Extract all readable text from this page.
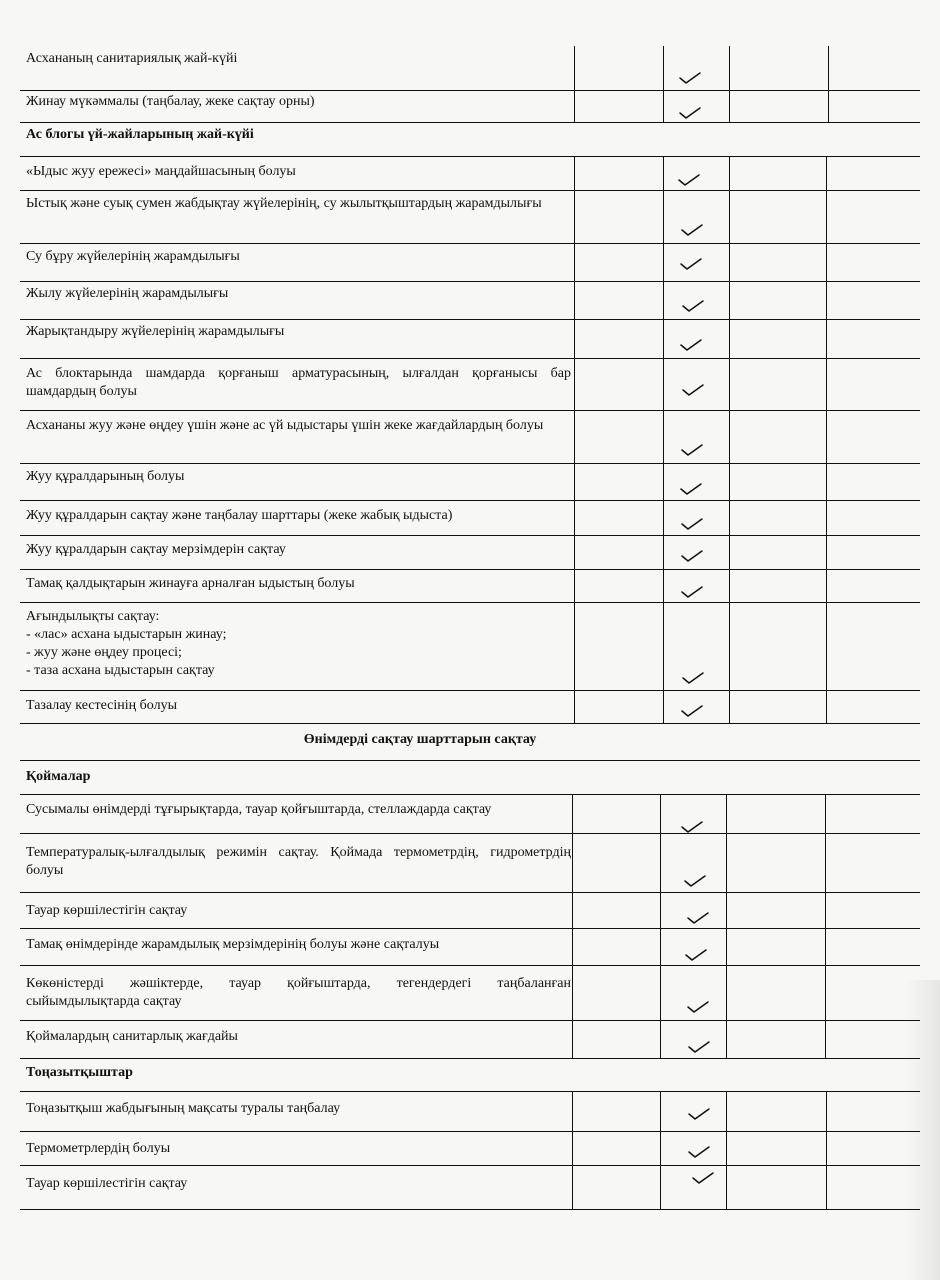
Асхананың санитариялық жай-күйі
Жинау мүкәммалы (таңбалау, жеке сақтау орны)
Ас блогы үй-жайларының жай-күйі
«Ыдыс жуу ережесі» маңдайшасының болуы
Ыстық және суық сумен жабдықтау жүйелерінің, су жылытқыштардың жарамдылығы
Су бұру жүйелерінің жарамдылығы
Жылу жүйелерінің жарамдылығы
Жарықтандыру жүйелерінің жарамдылығы
Ас блоктарында шамдарда қорғаныш арматурасының, ылғалдан қорғанысы бар шамдардың болуы
Асхананы жуу және өңдеу үшін және ас үй ыдыстары үшін жеке жағдайлардың болуы
Жуу құралдарының болуы
Жуу құралдарын сақтау және таңбалау шарттары (жеке жабық ыдыста)
Жуу құралдарын сақтау мерзімдерін сақтау
Тамақ қалдықтарын жинауға арналған ыдыстың болуы
Ағындылықты сақтау:
- «лас» асхана ыдыстарын жинау;
- жуу және өңдеу процесі;
- таза асхана ыдыстарын сақтау
Тазалау кестесінің болуы
Өнімдерді сақтау шарттарын сақтау
Қоймалар
Сусымалы өнімдерді тұғырықтарда, тауар қойғыштарда, стеллаждарда сақтау
Температуралық-ылғалдылық режимін сақтау. Қоймада термометрдің, гидрометрдің болуы
Тауар көршілестігін сақтау
Тамақ өнімдерінде жарамдылық мерзімдерінің болуы және сақталуы
Көкөністерді жәшіктерде, тауар қойғыштарда, тегендердегі таңбаланған сыйымдылықтарда сақтау
Қоймалардың санитарлық жағдайы
Тоңазытқыштар
Тоңазытқыш жабдығының мақсаты туралы таңбалау
Термометрлердің болуы
Тауар көршілестігін сақтау
